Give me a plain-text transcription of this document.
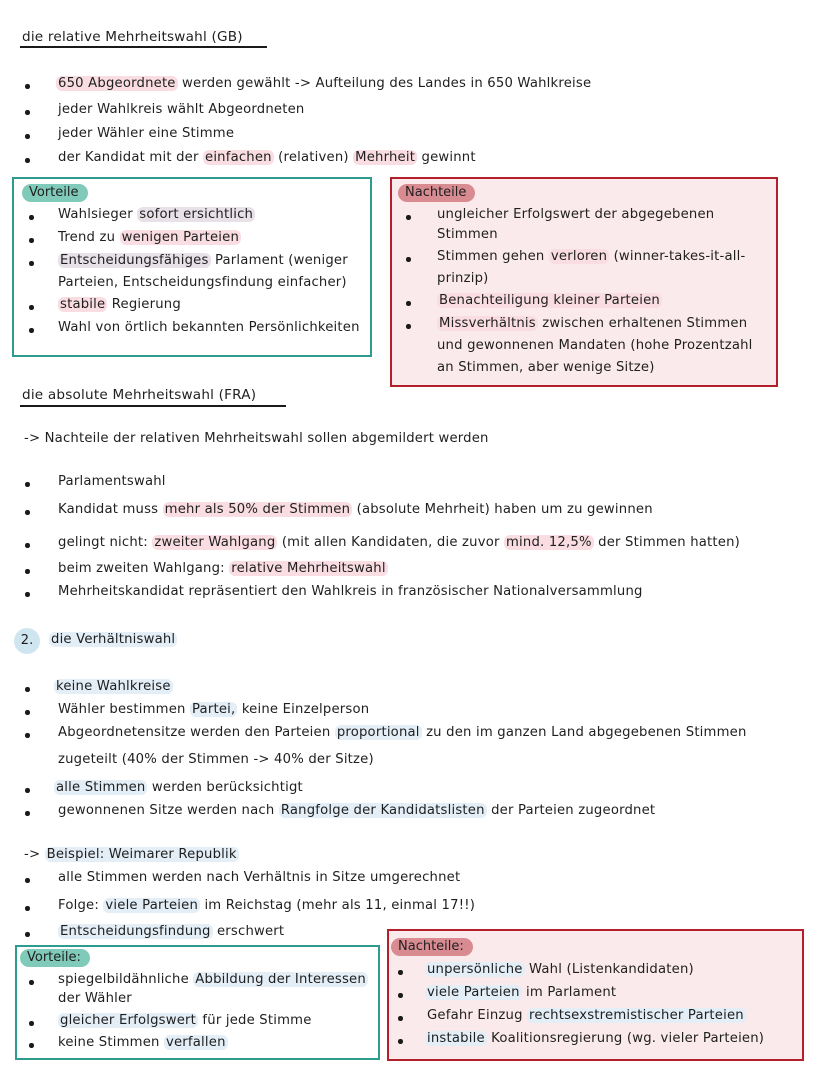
die relative Mehrheitswahl (GB)
650 Abgeordnete werden gewählt -> Aufteilung des Landes in 650 Wahlkreise
jeder Wahlkreis wählt Abgeordneten
jeder Wähler eine Stimme
der Kandidat mit der einfachen (relativen) Mehrheit gewinnt
Vorteile
Wahlsieger sofort ersichtlich
Trend zu wenigen Parteien
Entscheidungsfähiges Parlament (weniger
Parteien, Entscheidungsfindung einfacher)
stabile Regierung
Wahl von örtlich bekannten Persönlichkeiten
Nachteile
ungleicher Erfolgswert der abgegebenen
Stimmen
Stimmen gehen verloren (winner-takes-it-all-
prinzip)
Benachteiligung kleiner Parteien
Missverhältnis zwischen erhaltenen Stimmen
und gewonnenen Mandaten (hohe Prozentzahl
an Stimmen, aber wenige Sitze)
die absolute Mehrheitswahl (FRA)
-> Nachteile der relativen Mehrheitswahl sollen abgemildert werden
Parlamentswahl
Kandidat muss mehr als 50% der Stimmen (absolute Mehrheit) haben um zu gewinnen
gelingt nicht: zweiter Wahlgang (mit allen Kandidaten, die zuvor mind. 12,5% der Stimmen hatten)
beim zweiten Wahlgang: relative Mehrheitswahl
Mehrheitskandidat repräsentiert den Wahlkreis in französischer Nationalversammlung
2.	die Verhältniswahl
keine Wahlkreise
Wähler bestimmen Partei, keine Einzelperson
Abgeordnetensitze werden den Parteien proportional zu den im ganzen Land abgegebenen Stimmen
zugeteilt (40% der Stimmen -> 40% der Sitze)
alle Stimmen werden berücksichtigt
gewonnenen Sitze werden nach Rangfolge der Kandidatslisten der Parteien zugeordnet
-> Beispiel: Weimarer Republik
alle Stimmen werden nach Verhältnis in Sitze umgerechnet
Folge: viele Parteien im Reichstag (mehr als 11, einmal 17!!)
Entscheidungsfindung erschwert
Vorteile:
spiegelbildähnliche Abbildung der Interessen
der Wähler
gleicher Erfolgswert für jede Stimme
keine Stimmen verfallen
Nachteile:
unpersönliche Wahl (Listenkandidaten)
viele Parteien im Parlament
Gefahr Einzug rechtsexstremistischer Parteien
instabile Koalitionsregierung (wg. vieler Parteien)
